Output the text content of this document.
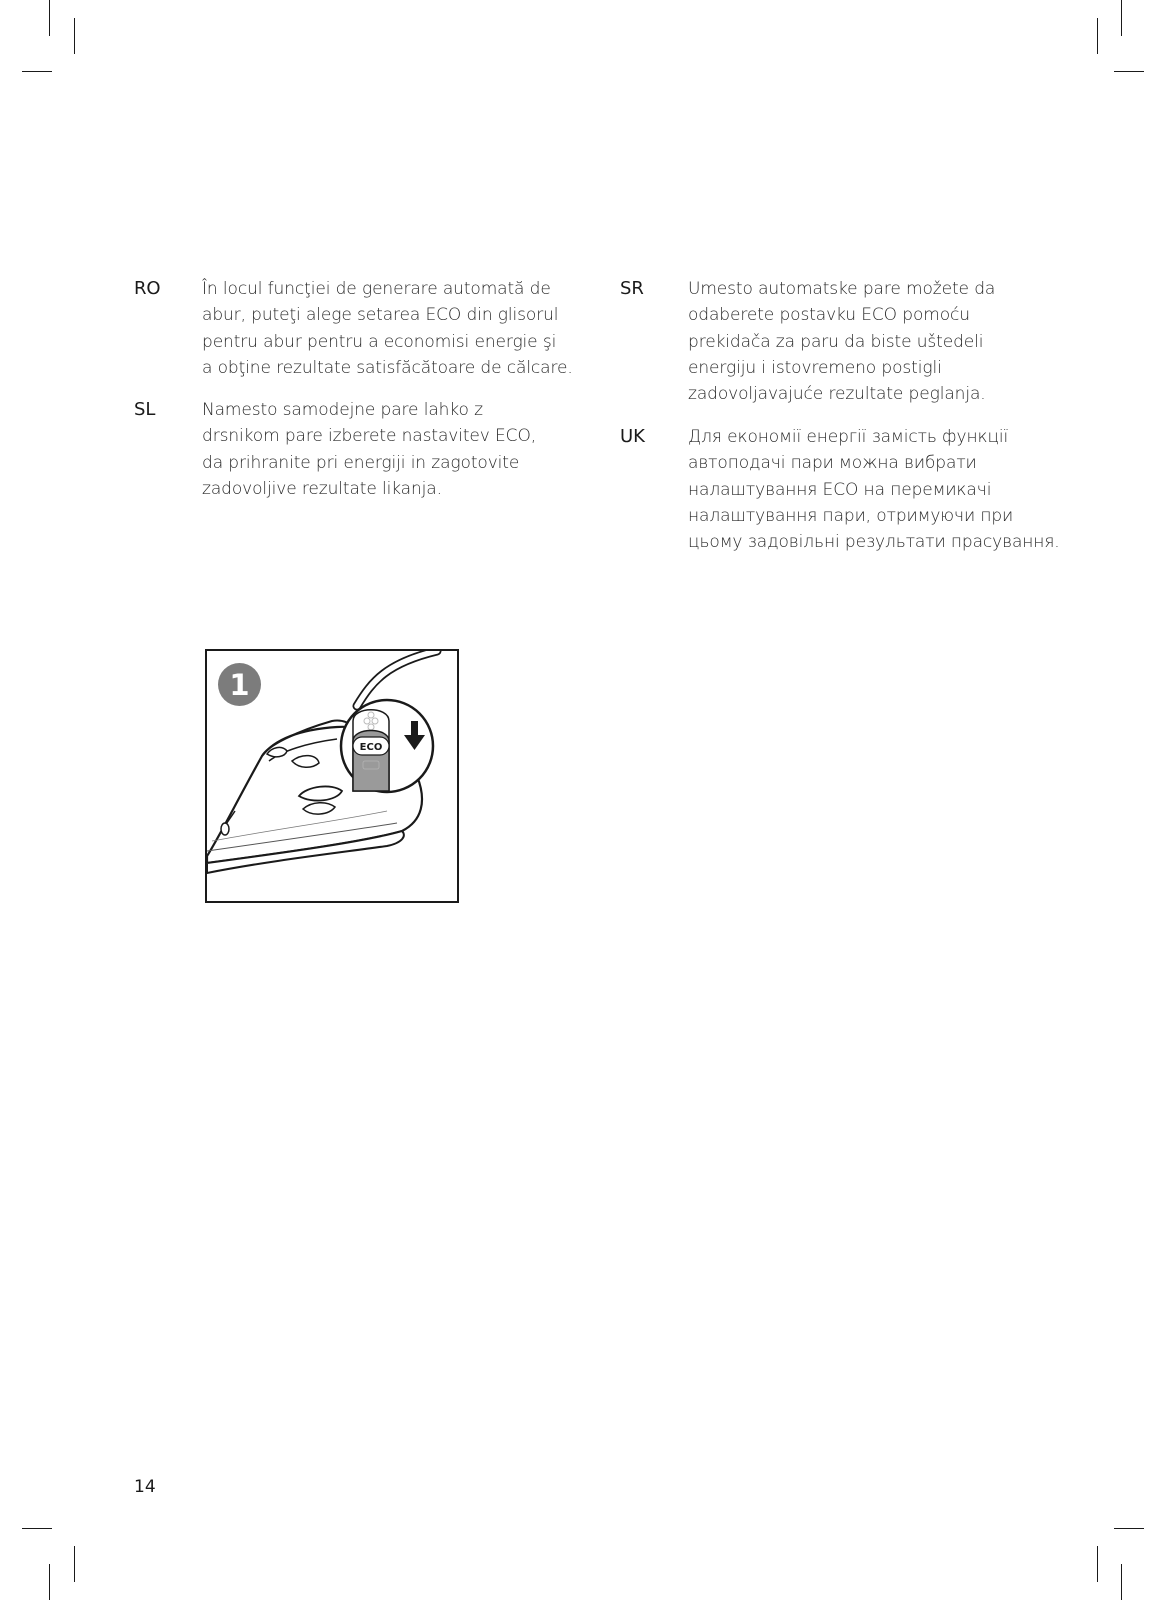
RO	În locul funcţiei de generare automată de
abur, puteţi alege setarea ECO din glisorul
pentru abur pentru a economisi energie şi
a obţine rezultate satisfăcătoare de călcare.
SL	Namesto samodejne pare lahko z
drsnikom pare izberete nastavitev ECO,
da prihranite pri energiji in zagotovite
zadovoljive rezultate likanja.
SR	Umesto automatske pare možete da
odaberete postavku ECO pomoću
prekidača za paru da biste uštedeli
energiju i istovremeno postigli
zadovoljavajuće rezultate peglanja.
UK	Для економії енергії замість функції
автоподачі пари можна вибрати
налаштування ECO на перемикачі
налаштування пари, отримуючи при
цьому задовільні результати прасування.
ECO
1
14
